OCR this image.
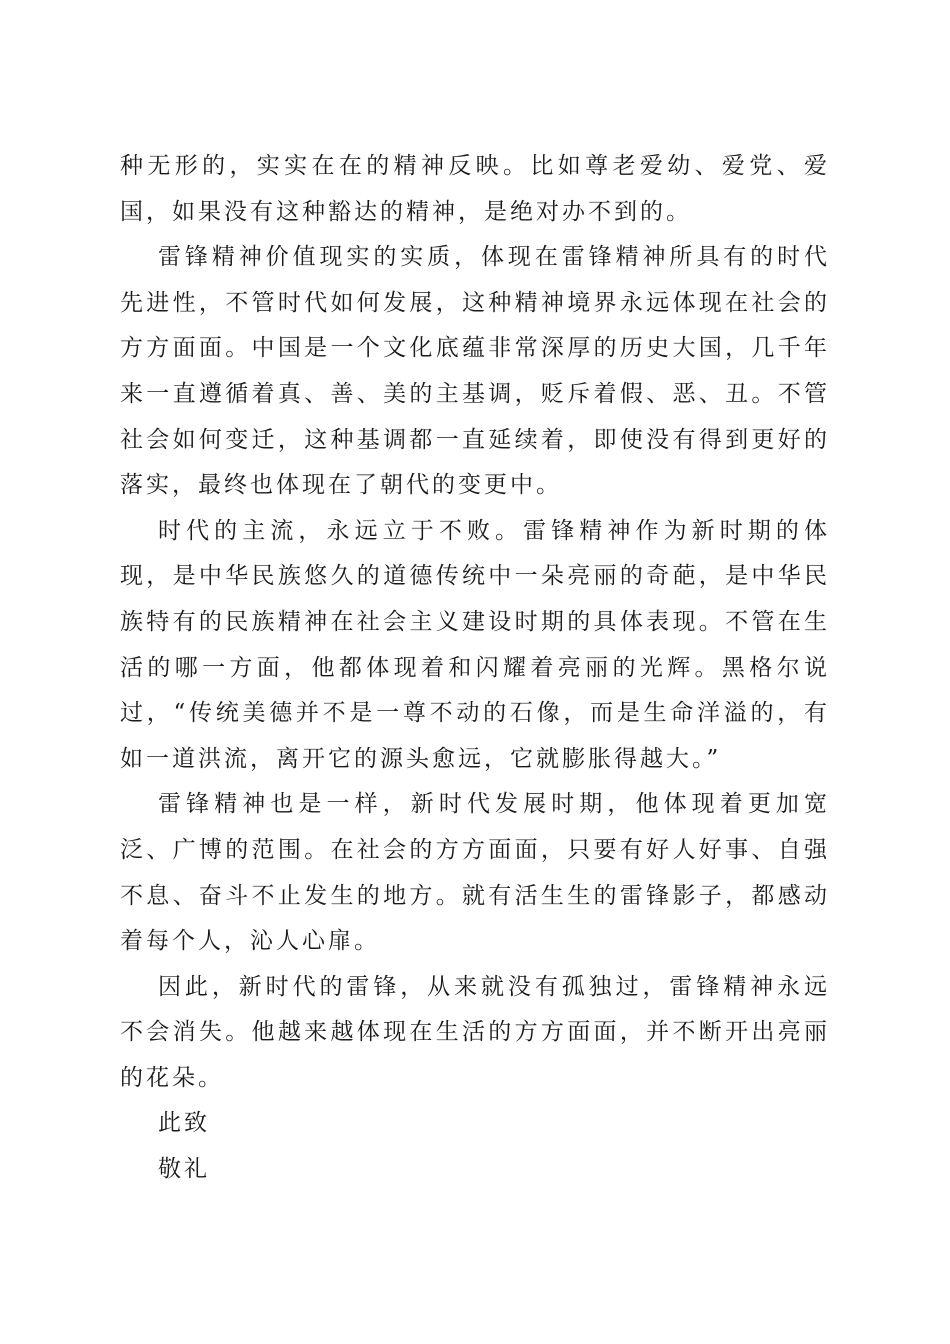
种无形的，实实在在的精神反映。比如尊老爱幼、爱党、爱国，如果没有这种豁达的精神，是绝对办不到的。

雷锋精神价值现实的实质，体现在雷锋精神所具有的时代先进性，不管时代如何发展，这种精神境界永远体现在社会的方方面面。中国是一个文化底蕴非常深厚的历史大国，几千年来一直遵循着真、善、美的主基调，贬斥着假、恶、丑。不管社会如何变迁，这种基调都一直延续着，即使没有得到更好的落实，最终也体现在了朝代的变更中。

时代的主流，永远立于不败。雷锋精神作为新时期的体现，是中华民族悠久的道德传统中一朵亮丽的奇葩，是中华民族特有的民族精神在社会主义建设时期的具体表现。不管在生活的哪一方面，他都体现着和闪耀着亮丽的光辉。黑格尔说过，“传统美德并不是一尊不动的石像，而是生命洋溢的，有如一道洪流，离开它的源头愈远，它就膨胀得越大。”

雷锋精神也是一样，新时代发展时期，他体现着更加宽泛、广博的范围。在社会的方方面面，只要有好人好事、自强不息、奋斗不止发生的地方。就有活生生的雷锋影子，都感动着每个人，沁人心扉。

因此，新时代的雷锋，从来就没有孤独过，雷锋精神永远不会消失。他越来越体现在生活的方方面面，并不断开出亮丽的花朵。

此致

敬礼
